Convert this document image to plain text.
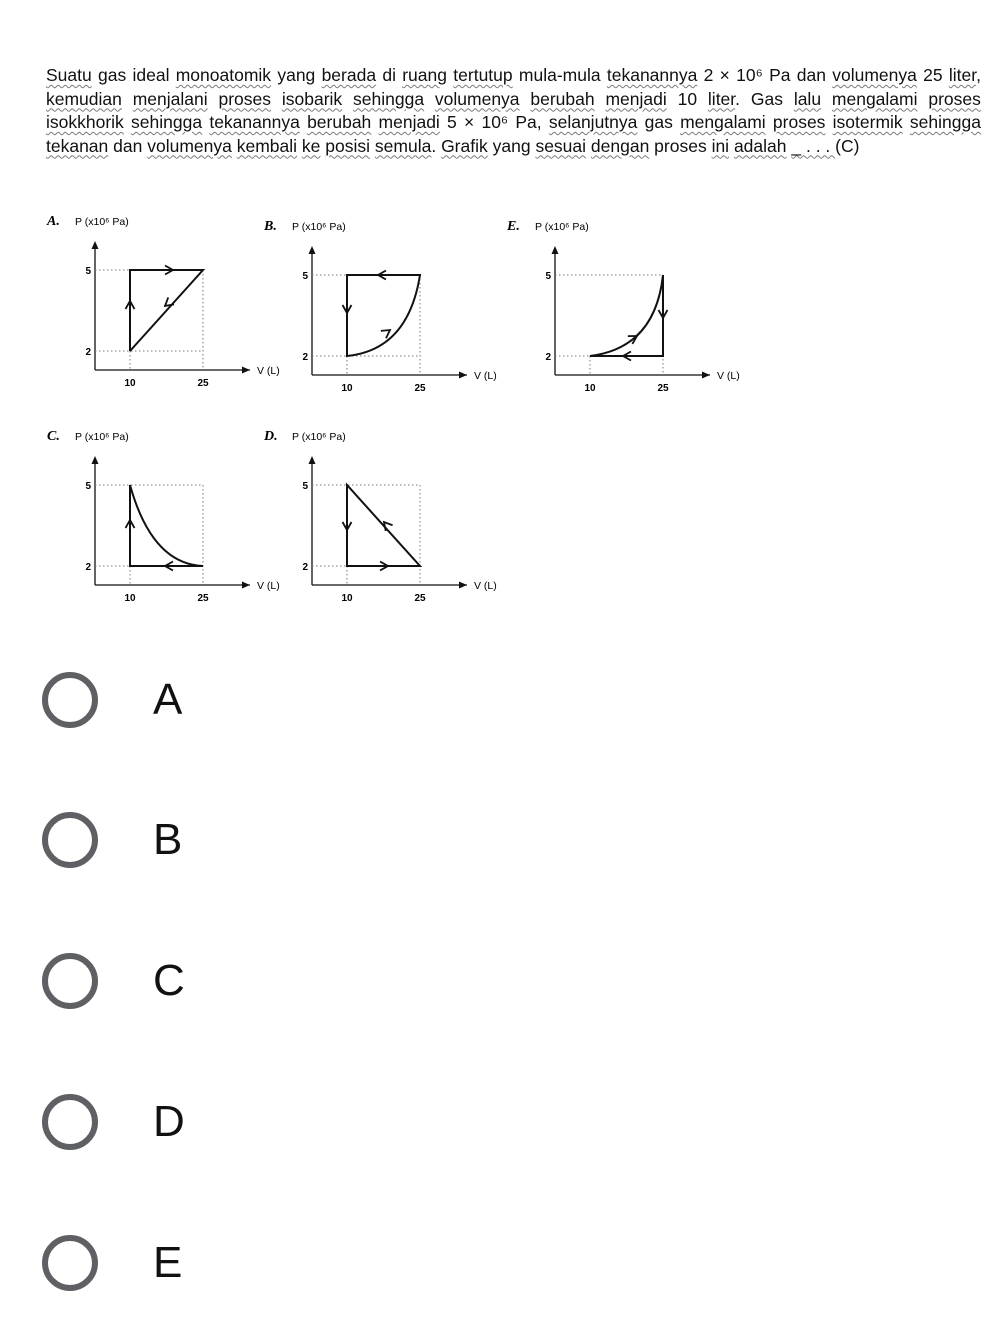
Suatu gas ideal monoatomik yang berada di ruang tertutup mula-mula tekanannya 2 × 10⁶ Pa dan volumenya 25 liter, kemudian menjalani proses isobarik sehingga volumenya berubah menjadi 10 liter. Gas lalu mengalami proses isokkhorik sehingga tekanannya berubah menjadi 5 × 10⁶ Pa, selanjutnya gas mengalami proses isotermik sehingga tekanan dan volumenya kembali ke posisi semula. Grafik yang sesuai dengan proses ini adalah _ . . . (C)

A. P (x10⁶ Pa)
V (L)
5
2
10	25
B. P (x10⁶ Pa)
V (L)
5
2
10	25
E. P (x10⁶ Pa)
V (L)
5
2
10	25
C. P (x10⁶ Pa)
V (L)
5
2
10	25
D. P (x10⁶ Pa)
V (L)
5
2
10	25
A
B
C
D
E
